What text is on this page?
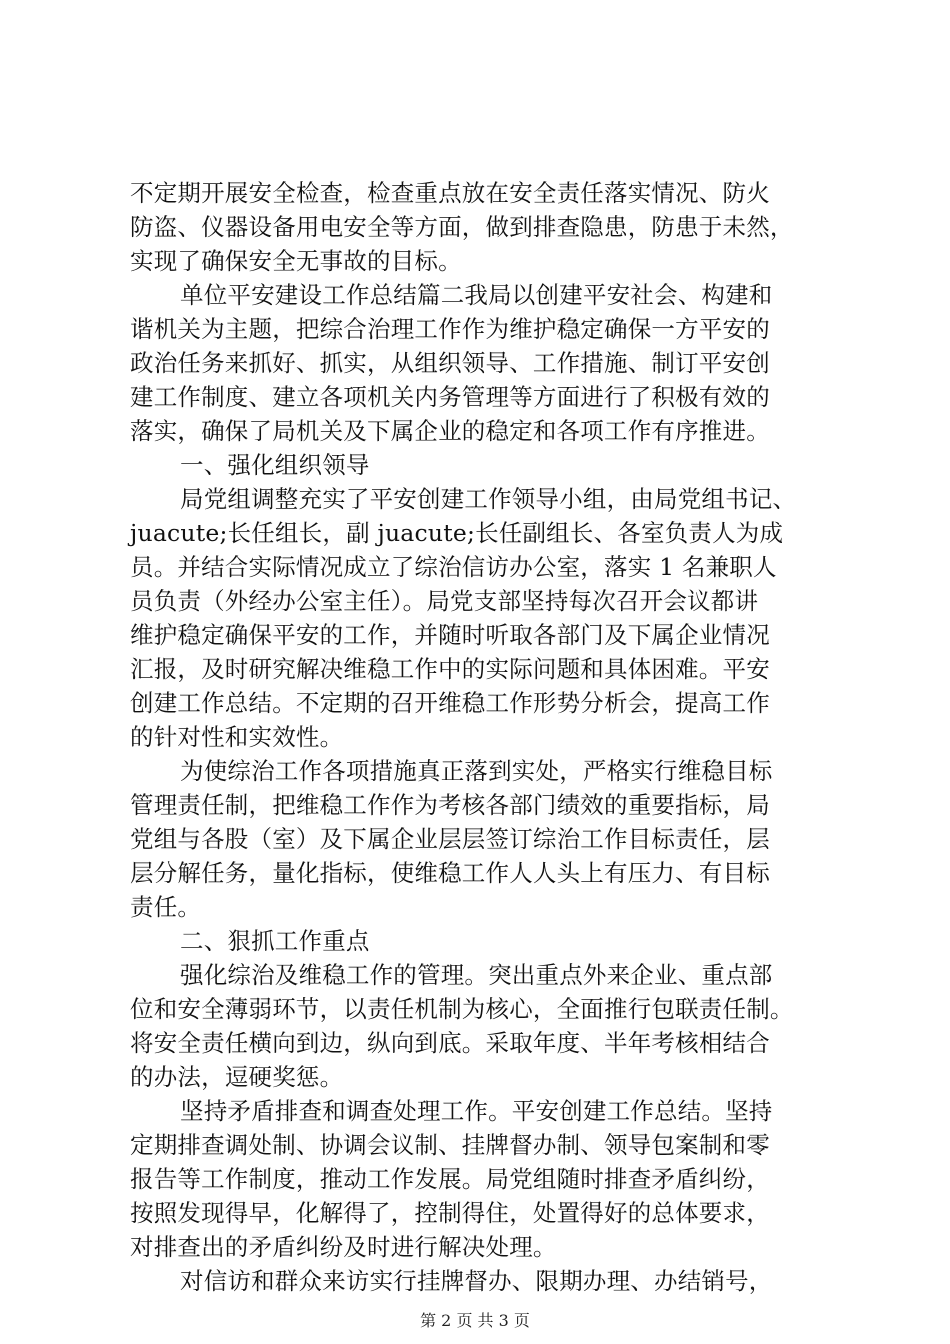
不定期开展安全检查，检查重点放在安全责任落实情况、防火
防盗、仪器设备用电安全等方面，做到排查隐患，防患于未然，
实现了确保安全无事故的目标。
单位平安建设工作总结篇二我局以创建平安社会、构建和
谐机关为主题，把综合治理工作作为维护稳定确保一方平安的
政治任务来抓好、抓实，从组织领导、工作措施、制订平安创
建工作制度、建立各项机关内务管理等方面进行了积极有效的
落实，确保了局机关及下属企业的稳定和各项工作有序推进。
一、强化组织领导
局党组调整充实了平安创建工作领导小组，由局党组书记、
juacute;长任组长，副 juacute;长任副组长、各室负责人为成
员。并结合实际情况成立了综治信访办公室，落实 1 名兼职人
员负责（外经办公室主任）。局党支部坚持每次召开会议都讲
维护稳定确保平安的工作，并随时听取各部门及下属企业情况
汇报，及时研究解决维稳工作中的实际问题和具体困难。平安
创建工作总结。不定期的召开维稳工作形势分析会，提高工作
的针对性和实效性。
为使综治工作各项措施真正落到实处，严格实行维稳目标
管理责任制，把维稳工作作为考核各部门绩效的重要指标，局
党组与各股（室）及下属企业层层签订综治工作目标责任，层
层分解任务，量化指标，使维稳工作人人头上有压力、有目标
责任。
二、狠抓工作重点
强化综治及维稳工作的管理。突出重点外来企业、重点部
位和安全薄弱环节，以责任机制为核心，全面推行包联责任制。
将安全责任横向到边，纵向到底。采取年度、半年考核相结合
的办法，逗硬奖惩。
坚持矛盾排查和调查处理工作。平安创建工作总结。坚持
定期排查调处制、协调会议制、挂牌督办制、领导包案制和零
报告等工作制度，推动工作发展。局党组随时排查矛盾纠纷，
按照发现得早，化解得了，控制得住，处置得好的总体要求，
对排查出的矛盾纠纷及时进行解决处理。
对信访和群众来访实行挂牌督办、限期办理、办结销号，
第 2 页 共 3 页
